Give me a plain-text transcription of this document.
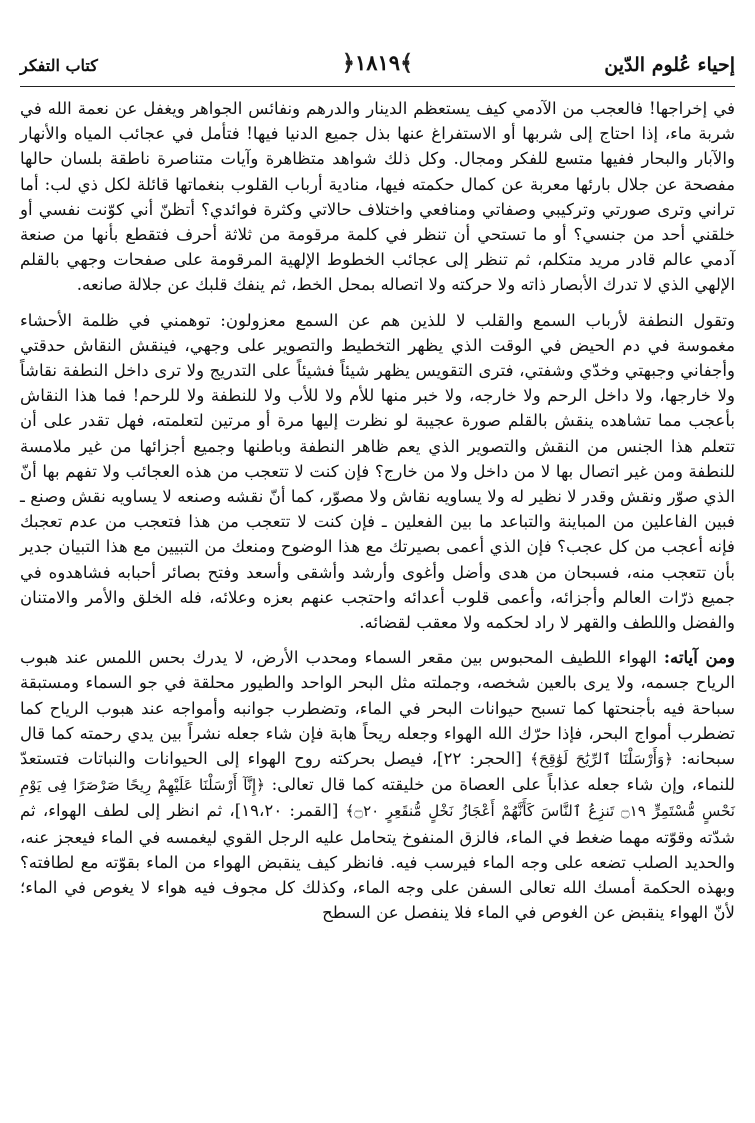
إحياء عُلوم الدّين
﴾١٨١٩﴿
كتاب التفكر

في إخراجها! فالعجب من الآدمي كيف يستعظم الدينار والدرهم ونفائس الجواهر ويغفل عن نعمة الله في شربة ماء، إذا احتاج إلى شربها أو الاستفراغ عنها بذل جميع الدنيا فيها! فتأمل في عجائب المياه والأنهار والآبار والبحار ففيها متسع للفكر ومجال. وكل ذلك شواهد متظاهرة وآيات متناصرة ناطقة بلسان حالها مفصحة عن جلال بارئها معربة عن كمال حكمته فيها، منادية أرباب القلوب بنغماتها قائلة لكل ذي لب: أما تراني وترى صورتي وتركيبي وصفاتي ومنافعي واختلاف حالاتي وكثرة فوائدي؟ أتظنّ أني كوّنت نفسي أو خلقني أحد من جنسي؟ أو ما تستحي أن تنظر في كلمة مرقومة من ثلاثة أحرف فتقطع بأنها من صنعة آدمي عالم قادر مريد متكلم، ثم تنظر إلى عجائب الخطوط الإلهية المرقومة على صفحات وجهي بالقلم الإلهي الذي لا تدرك الأبصار ذاته ولا حركته ولا اتصاله بمحل الخط، ثم ينفك قلبك عن جلالة صانعه.

وتقول النطفة لأرباب السمع والقلب لا للذين هم عن السمع معزولون: توهمني في ظلمة الأحشاء مغموسة في دم الحيض في الوقت الذي يظهر التخطيط والتصوير على وجهي، فينقش النقاش حدقتي وأجفاني وجبهتي وخدّي وشفتي، فترى التقويس يظهر شيئاً فشيئاً على التدريج ولا ترى داخل النطفة نقاشاً ولا خارجها، ولا داخل الرحم ولا خارجه، ولا خبر منها للأم ولا للأب ولا للنطفة ولا للرحم! فما هذا النقاش بأعجب مما تشاهده ينقش بالقلم صورة عجيبة لو نظرت إليها مرة أو مرتين لتعلمته، فهل تقدر على أن تتعلم هذا الجنس من النقش والتصوير الذي يعم ظاهر النطفة وباطنها وجميع أجزائها من غير ملامسة للنطفة ومن غير اتصال بها لا من داخل ولا من خارج؟ فإن كنت لا تتعجب من هذه العجائب ولا تفهم بها أنّ الذي صوّر ونقش وقدر لا نظير له ولا يساويه نقاش ولا مصوّر، كما أنّ نقشه وصنعه لا يساويه نقش وصنع ـ فبين الفاعلين من المباينة والتباعد ما بين الفعلين ـ فإن كنت لا تتعجب من هذا فتعجب من عدم تعجبك فإنه أعجب من كل عجب؟ فإن الذي أعمى بصيرتك مع هذا الوضوح ومنعك من التبيين مع هذا التبيان جدير بأن تتعجب منه، فسبحان من هدى وأضل وأغوى وأرشد وأشقى وأسعد وفتح بصائر أحبابه فشاهدوه في جميع ذرّات العالم وأجزائه، وأعمى قلوب أعدائه واحتجب عنهم بعزه وعلائه، فله الخلق والأمر والامتنان والفضل واللطف والقهر لا راد لحكمه ولا معقب لقضائه.

ومن آياته: الهواء اللطيف المحبوس بين مقعر السماء ومحدب الأرض، لا يدرك بحس اللمس عند هبوب الرياح جسمه، ولا يرى بالعين شخصه، وجملته مثل البحر الواحد والطيور محلقة في جو السماء ومستبقة سباحة فيه بأجنحتها كما تسبح حيوانات البحر في الماء، وتضطرب جوانبه وأمواجه عند هبوب الرياح كما تضطرب أمواج البحر، فإذا حرّك الله الهواء وجعله ريحاً هابة فإن شاء جعله نشراً بين يدي رحمته كما قال سبحانه: ﴿وَأَرْسَلْنَا ٱلرِّيَٰحَ لَوَٰقِحَ﴾ [الحجر: ٢٢]، فيصل بحركته روح الهواء إلى الحيوانات والنباتات فتستعدّ للنماء، وإن شاء جعله عذاباً على العصاة من خليقته كما قال تعالى: ﴿إِنَّآ أَرْسَلْنَا عَلَيْهِمْ رِيحًا صَرْصَرًا فِى يَوْمِ نَحْسٍ مُّسْتَمِرٍّ ۝١٩ تَنزِعُ ٱلنَّاسَ كَأَنَّهُمْ أَعْجَازُ نَخْلٍ مُّنقَعِرٍ ۝٢٠﴾ [القمر: ١٩،٢٠]، ثم انظر إلى لطف الهواء، ثم شدّته وقوّته مهما ضغط في الماء، فالزق المنفوخ يتحامل عليه الرجل القوي ليغمسه في الماء فيعجز عنه، والحديد الصلب تضعه على وجه الماء فيرسب فيه. فانظر كيف ينقبض الهواء من الماء بقوّته مع لطافته؟ وبهذه الحكمة أمسك الله تعالى السفن على وجه الماء، وكذلك كل مجوف فيه هواء لا يغوص في الماء؛ لأنّ الهواء ينقبض عن الغوص في الماء فلا ينفصل عن السطح
